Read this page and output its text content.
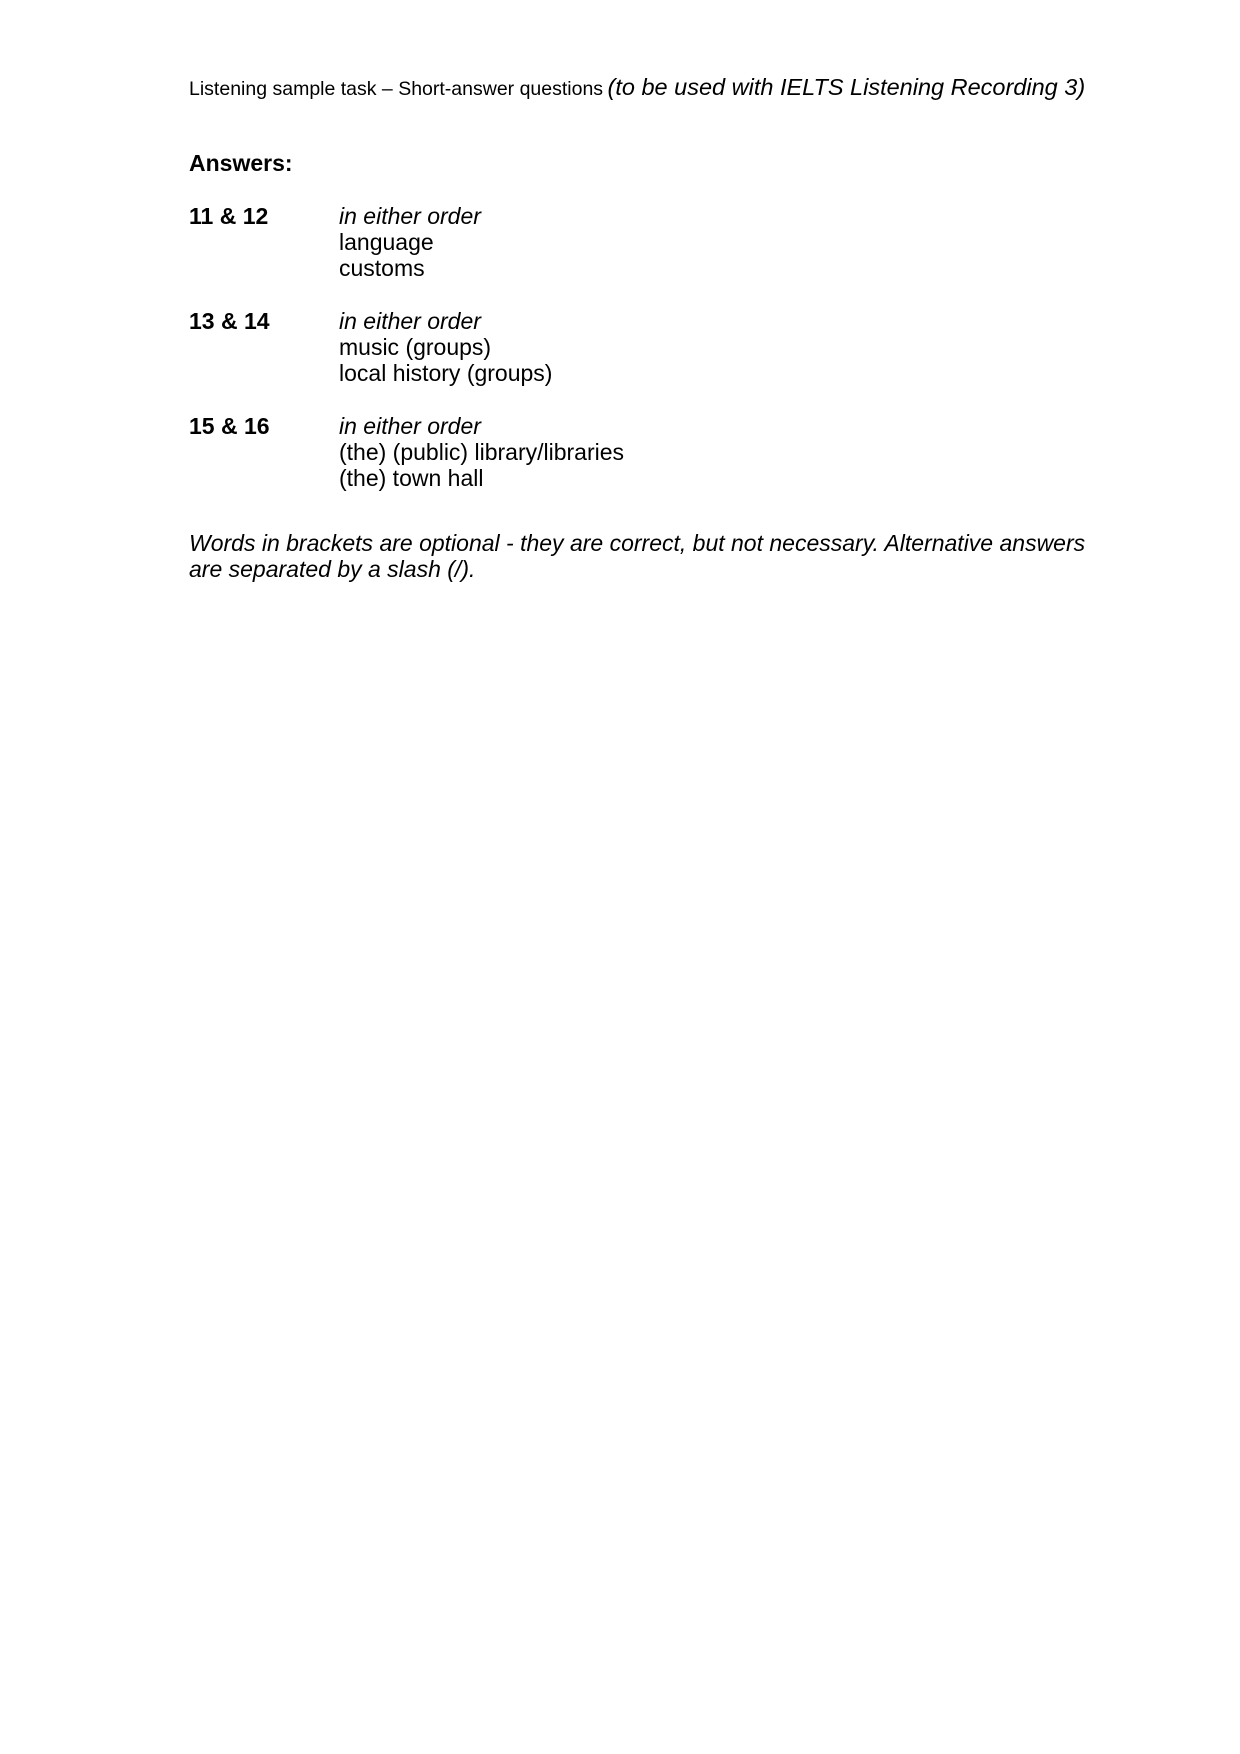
Listening sample task – Short-answer questions (to be used with IELTS Listening Recording 3)
Answers:
11 & 12	in either order
language
customs
13 & 14	in either order
music (groups)
local history (groups)
15 & 16	in either order
(the) (public) library/libraries
(the) town hall
Words in brackets are optional - they are correct, but not necessary. Alternative answers are separated by a slash (/).
